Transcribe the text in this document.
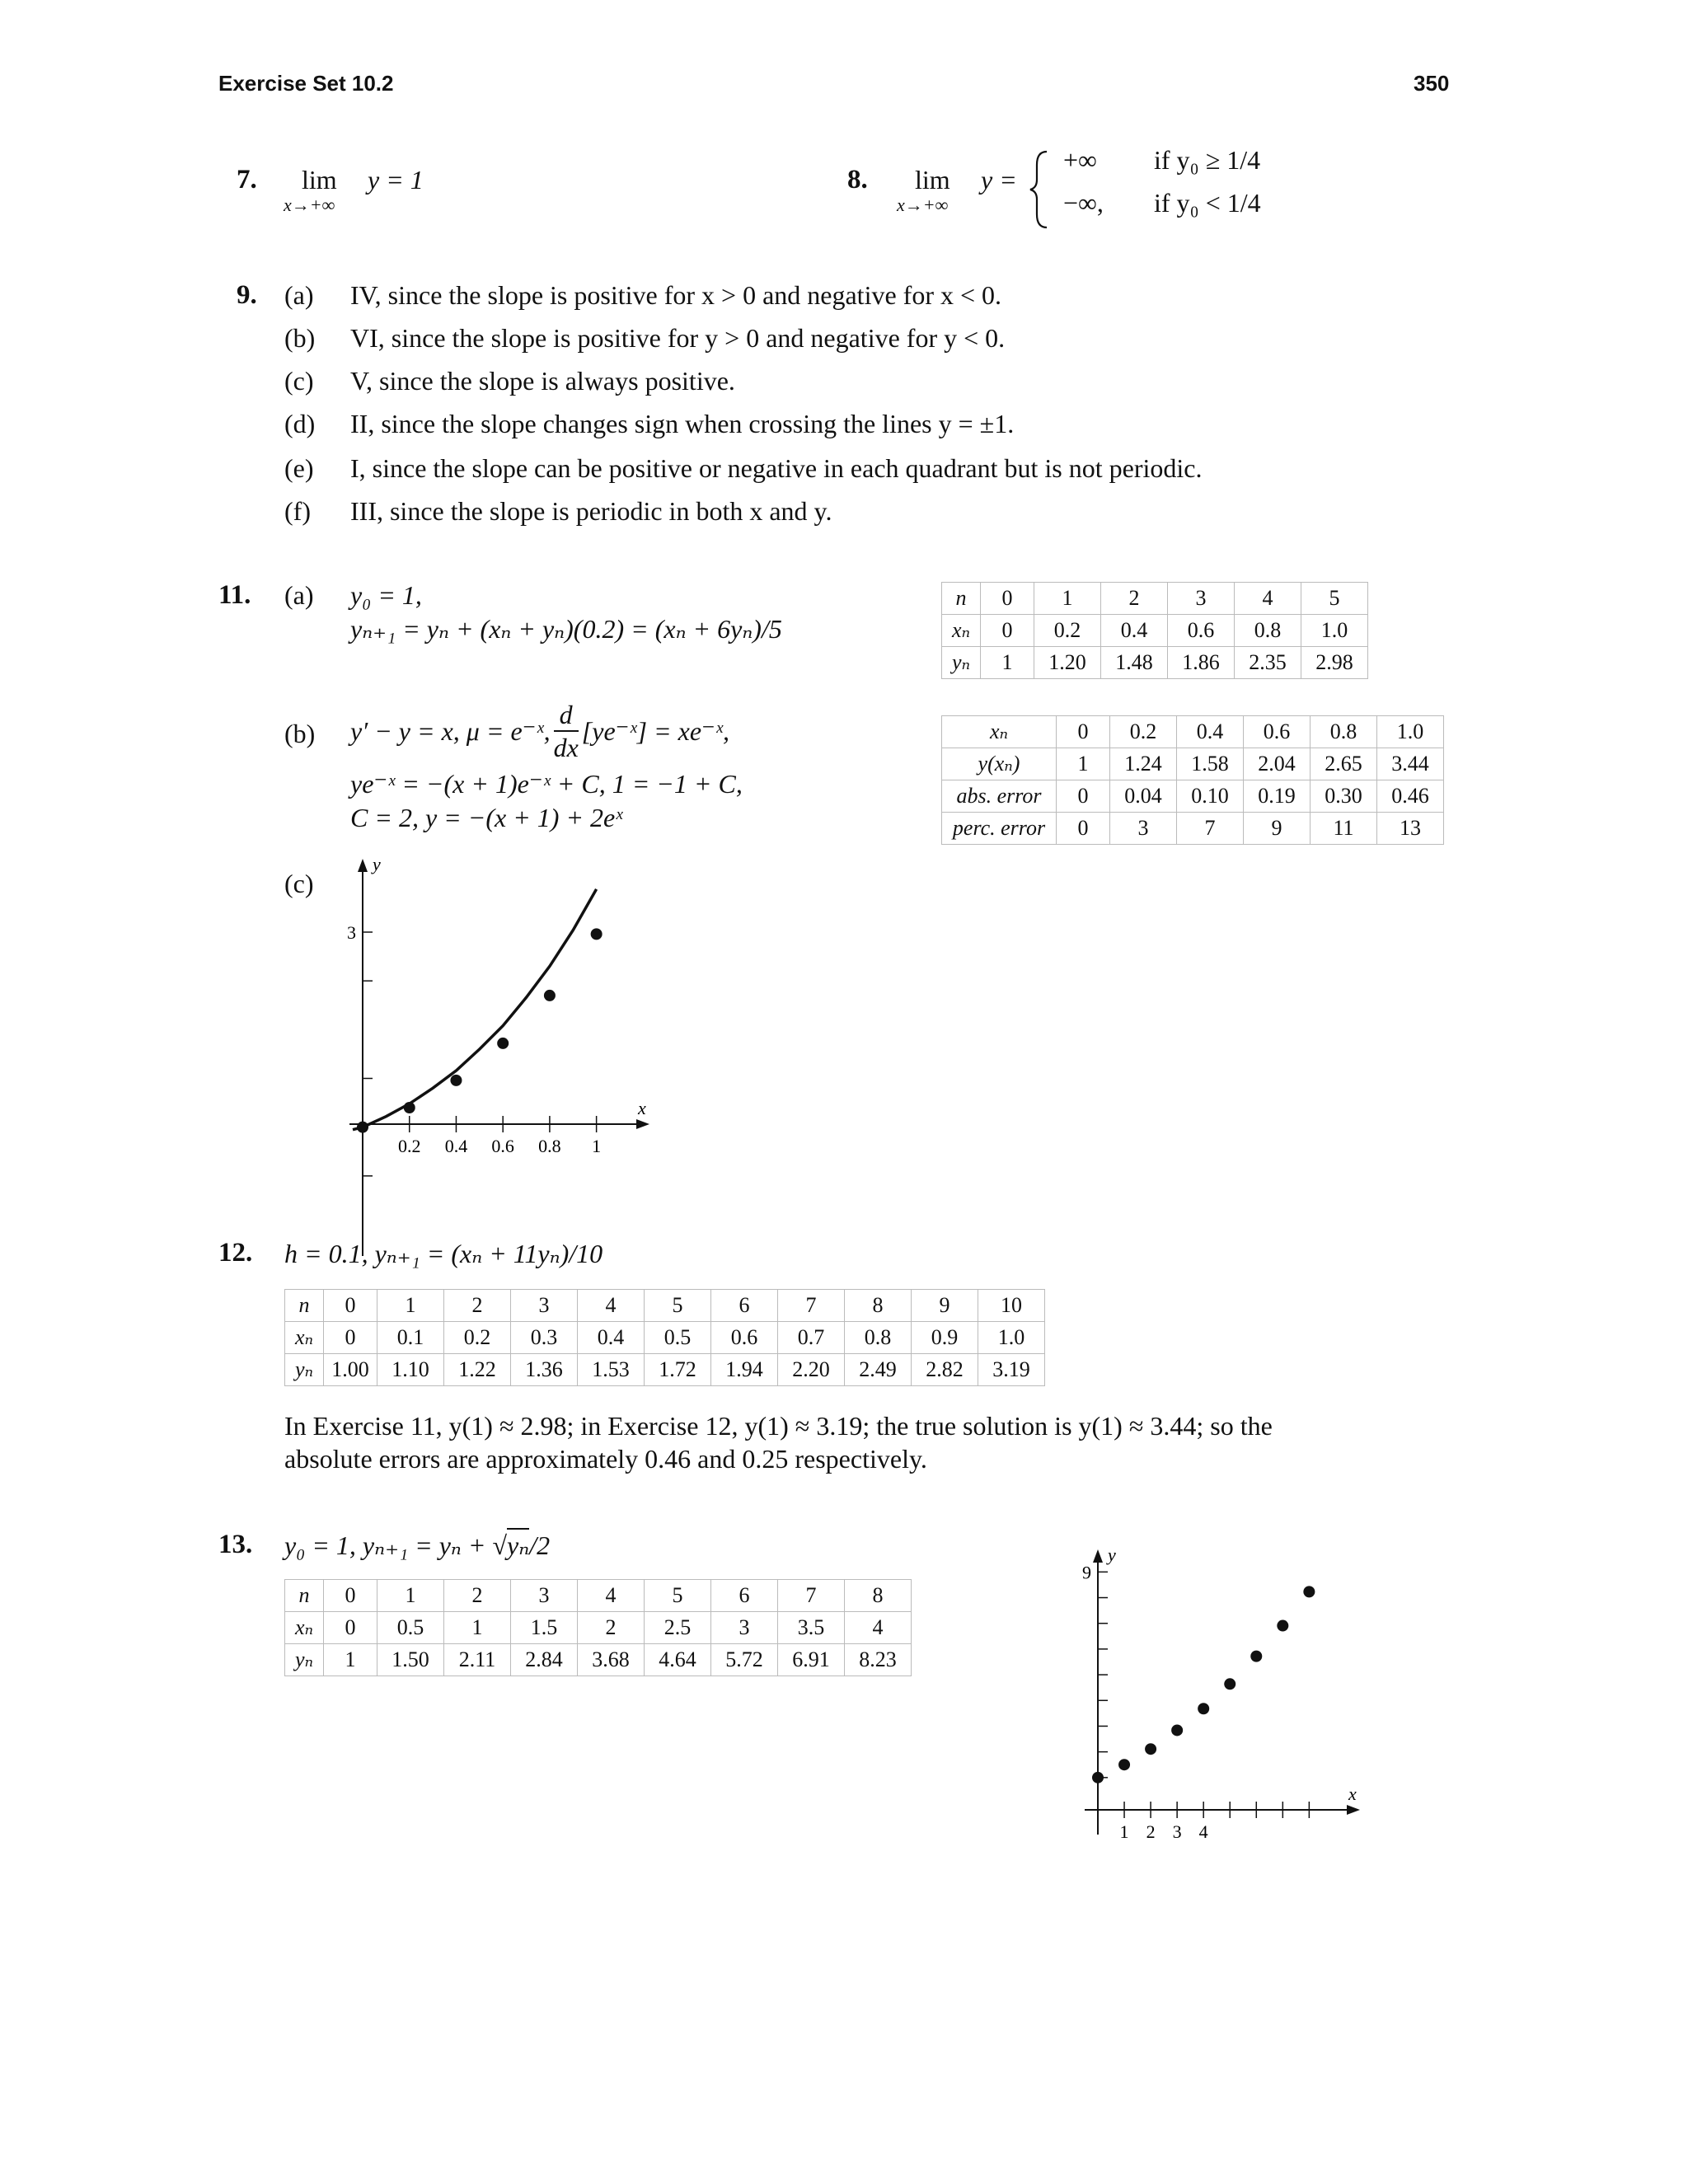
Exercise Set 10.2	350
7. lim
x→+∞
y = 1	8. lim
x→+∞
y =
+∞ if y₀ ≥ 1/4
−∞, if y₀ < 1/4
9. (a) IV, since the slope is positive for x > 0 and negative for x < 0.
(b) VI, since the slope is positive for y > 0 and negative for y < 0.
(c) V, since the slope is always positive.
(d) II, since the slope changes sign when crossing the lines y = ±1.
(e) I, since the slope can be positive or negative in each quadrant but is not periodic.
(f) III, since the slope is periodic in both x and y.
11. (a) y₀ = 1,
yₙ₊₁ = yₙ + (xₙ + yₙ)(0.2) = (xₙ + 6yₙ)/5
n	0	1	2	3	4	5
xₙ	0	0.2	0.4	0.6	0.8	1.0
yₙ	1	1.20	1.48	1.86	2.35	2.98
(b) y′ − y = x, μ = e⁻ˣ, $\frac{d}{dx}$ [ye⁻ˣ] = xe⁻ˣ,
ye⁻ˣ = −(x + 1)e⁻ˣ + C, 1 = −1 + C,
C = 2, y = −(x + 1) + 2eˣ
xₙ	0	0.2	0.4	0.6	0.8	1.0
y(xₙ)	1	1.24	1.58	2.04	2.65	3.44
abs. error	0	0.04	0.10	0.19	0.30	0.46
perc. error	0	3	7	9	11	13
(c)
x
y
0.2 0.4 0.6 0.8 1
3
12. h = 0.1, yₙ₊₁ = (xₙ + 11yₙ)/10
n	0	1	2	3	4	5	6	7	8	9	10
xₙ	0	0.1	0.2	0.3	0.4	0.5	0.6	0.7	0.8	0.9	1.0
yₙ	1.00	1.10	1.22	1.36	1.53	1.72	1.94	2.20	2.49	2.82	3.19
In Exercise 11, y(1) ≈ 2.98; in Exercise 12, y(1) ≈ 3.19; the true solution is y(1) ≈ 3.44; so the
absolute errors are approximately 0.46 and 0.25 respectively.
13. y₀ = 1, yₙ₊₁ = yₙ + √yₙ/2
n	0	1	2	3	4	5	6	7	8
xₙ	0	0.5	1	1.5	2	2.5	3	3.5	4
yₙ	1	1.50	2.11	2.84	3.68	4.64	5.72	6.91	8.23
x
y
1 2 3 4
9
